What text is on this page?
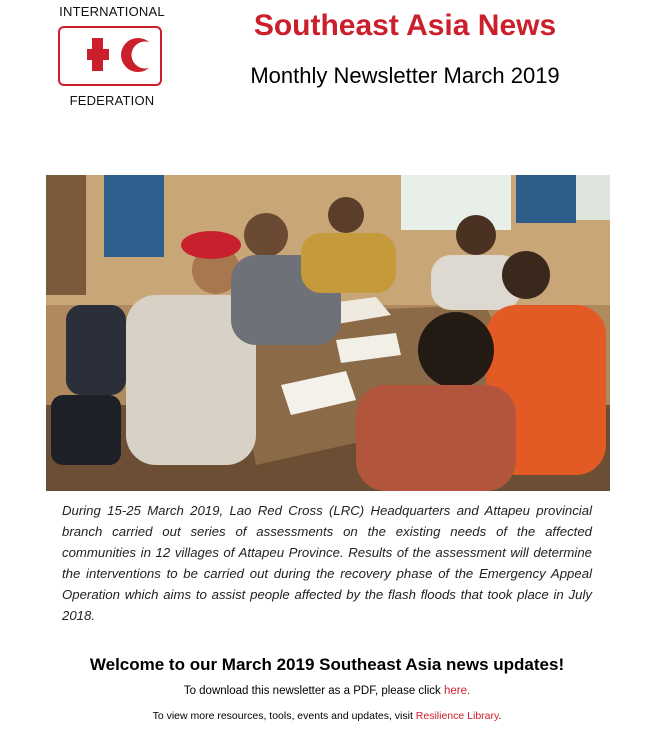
INTERNATIONAL
FEDERATION
Southeast Asia News
Monthly Newsletter March 2019
During 15-25 March 2019, Lao Red Cross (LRC) Headquarters and Attapeu provincial branch carried out series of assessments on the existing needs of the affected communities in 12 villages of Attapeu Province. Results of the assessment will determine the interventions to be carried out during the recovery phase of the Emergency Appeal Operation which aims to assist people affected by the flash floods that took place in July 2018.
Welcome to our March 2019 Southeast Asia news updates!
To download this newsletter as a PDF, please click here.
To view more resources, tools, events and updates, visit Resilience Library.
